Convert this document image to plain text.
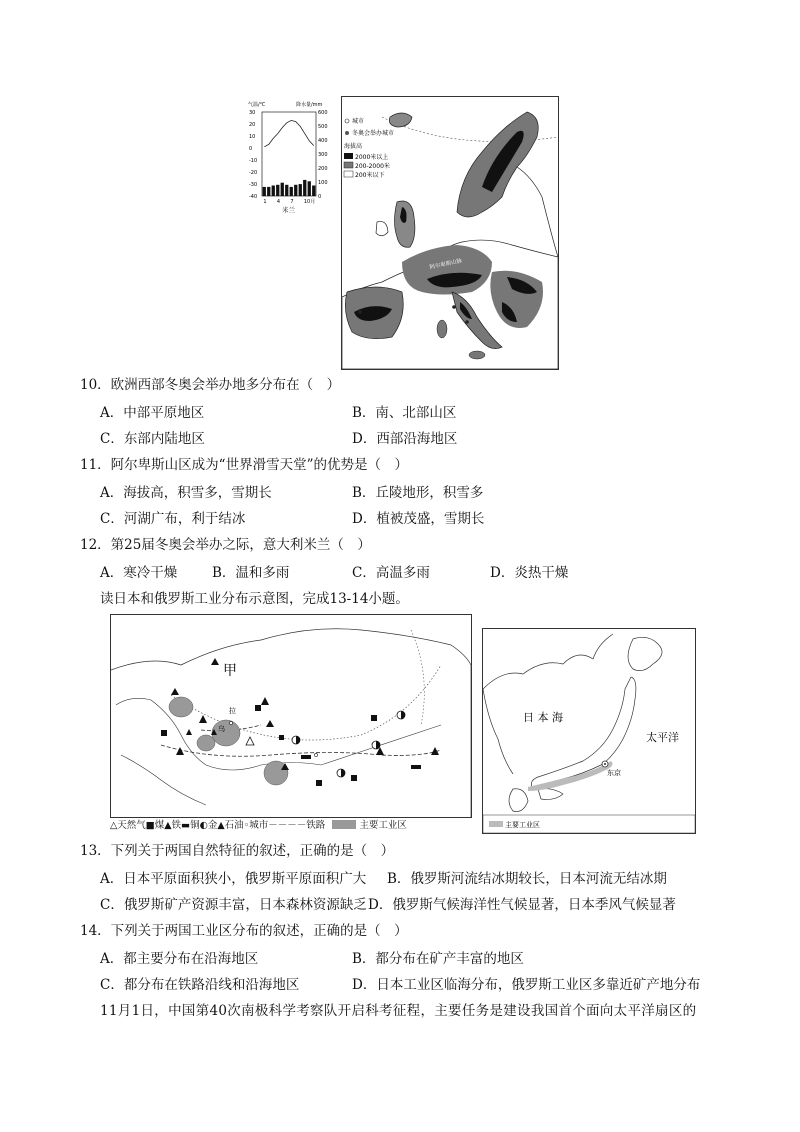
气温/℃	降水量/mm
30
20
10
0
-10
-20
-30
-40
600
500
400
300
200
100
0
1 4 7 10月
米兰
城市
冬奥会举办城市
海拔高
2000米以上
200-2000米
200米以下
阿尔卑斯山脉
10．欧洲西部冬奥会举办地多分布在（　）
A．中部平原地区	B．南、北部山区
C．东部内陆地区	D．西部沿海地区
11．阿尔卑斯山区成为“世界滑雪天堂”的优势是（　）
A．海拔高，积雪多，雪期长	B．丘陵地形，积雪多
C．河湖广布，利于结冰	D．植被茂盛，雪期长
12．第25届冬奥会举办之际，意大利米兰（　）
A．寒冷干燥	B．温和多雨	C．高温多雨	D．炎热干燥
读日本和俄罗斯工业分布示意图，完成13-14小题。
甲
拉
乌
△天然气■煤▲铁▬铜◐金▲石油◦城市－－－－铁路	主要工业区
东京
日 本 海
太平洋
主要工业区
13．下列关于两国自然特征的叙述，正确的是（　）
A．日本平原面积狭小，俄罗斯平原面积广大 B．俄罗斯河流结冰期较长，日本河流无结冰期
C．俄罗斯矿产资源丰富，日本森林资源缺乏 D．俄罗斯气候海洋性气候显著，日本季风气候显著
14．下列关于两国工业区分布的叙述，正确的是（　）
A．都主要分布在沿海地区	B．都分布在矿产丰富的地区
C．都分布在铁路沿线和沿海地区	D．日本工业区临海分布，俄罗斯工业区多靠近矿产地分布
11月1日，中国第40次南极科学考察队开启科考征程，主要任务是建设我国首个面向太平洋扇区的
